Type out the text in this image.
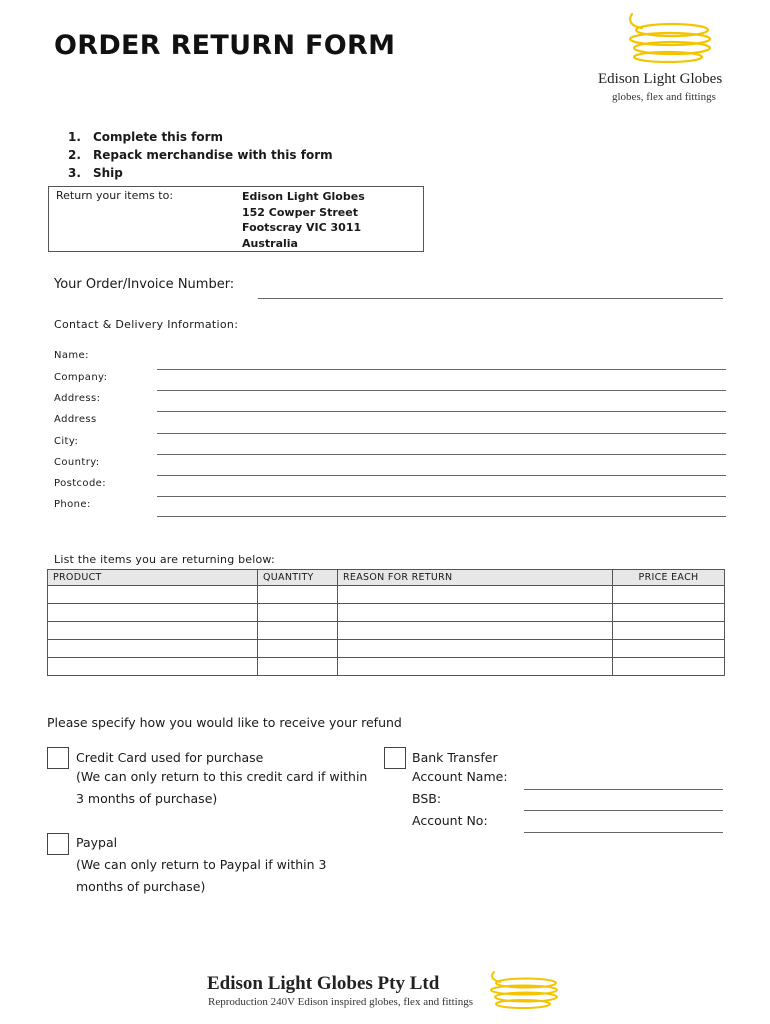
ORDER RETURN FORM
Edison Light Globes
globes, flex and fittings
1. Complete this form
2. Repack merchandise with this form
3. Ship
Return your items to:	Edison Light Globes
152 Cowper Street
Footscray VIC 3011
Australia
Your Order/Invoice Number:
Contact & Delivery Information:
Name:
Company:
Address:
Address
City:
Country:
Postcode:
Phone:
List the items you are returning below:
PRODUCT	QUANTITY	REASON FOR RETURN	PRICE EACH

Please specify how you would like to receive your refund
Credit Card used for purchase
(We can only return to this credit card if within
3 months of purchase)
Bank Transfer
Account Name:
BSB:
Account No:
Paypal
(We can only return to Paypal if within 3
months of purchase)
Edison Light Globes Pty Ltd
Reproduction 240V Edison inspired globes, flex and fittings
